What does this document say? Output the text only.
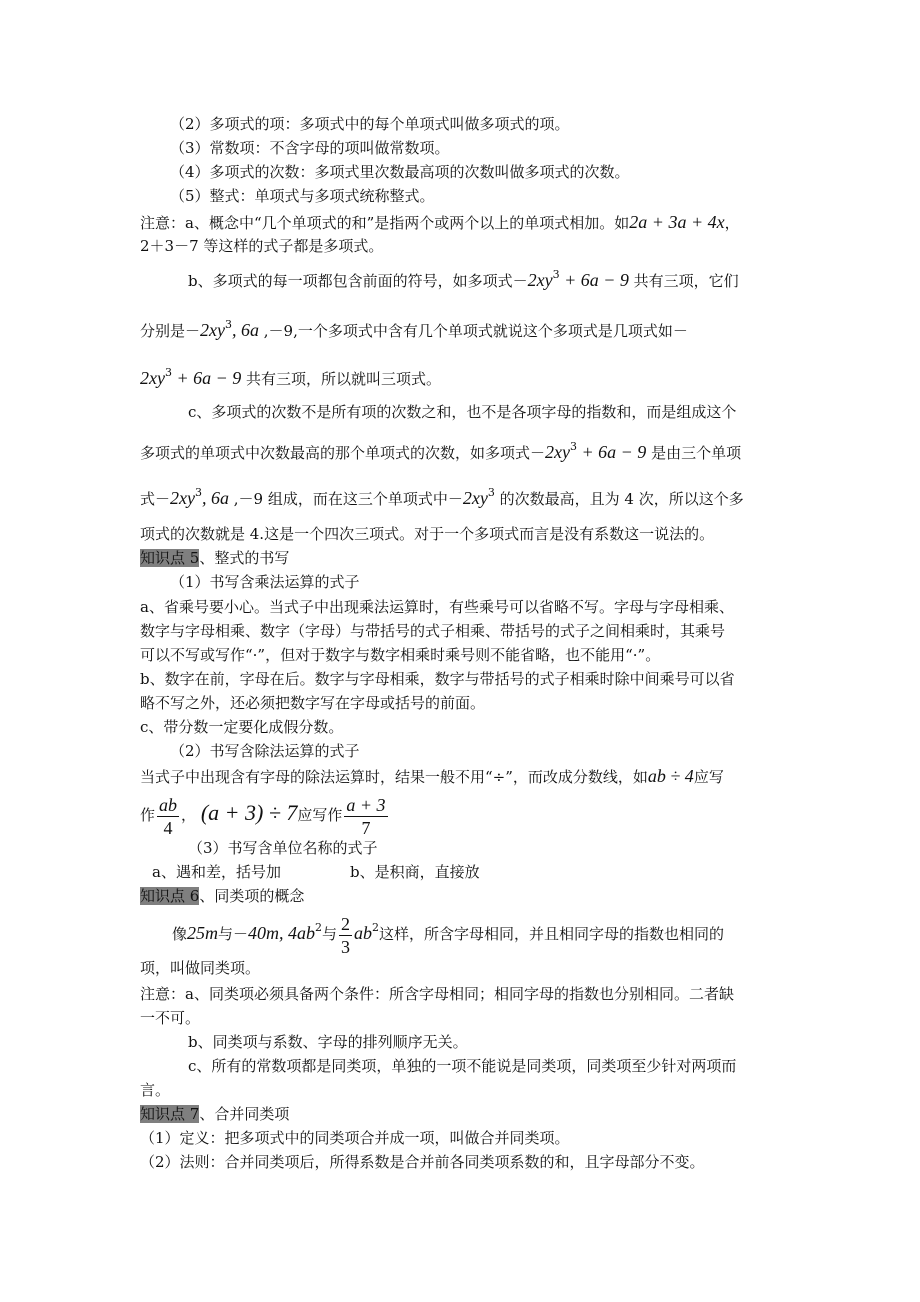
（2）多项式的项：多项式中的每个单项式叫做多项式的项。
（3）常数项：不含字母的项叫做常数项。
（4）多项式的次数：多项式里次数最高项的次数叫做多项式的次数。
（5）整式：单项式与多项式统称整式。
注意：a、概念中“几个单项式的和”是指两个或两个以上的单项式相加。如2a + 3a + 4x，
2＋3－7 等这样的式子都是多项式。
b、多项式的每一项都包含前面的符号，如多项式$-2xy^3 + 6a - 9$ 共有三项，它们
分别是$-2xy^3$, 6a ,－9,一个多项式中含有几个单项式就说这个多项式是几项式如－
$2xy^3 + 6a - 9$ 共有三项，所以就叫三项式。
c、多项式的次数不是所有项的次数之和，也不是各项字母的指数和，而是组成这个
多项式的单项式中次数最高的那个单项式的次数，如多项式$-2xy^3 + 6a - 9$ 是由三个单项
式$-2xy^3$, 6a ,－9 组成，而在这三个单项式中$-2xy^3$ 的次数最高，且为 4 次，所以这个多
项式的次数就是 4.这是一个四次三项式。对于一个多项式而言是没有系数这一说法的。
知识点 5、整式的书写
（1）书写含乘法运算的式子
a、省乘号要小心。当式子中出现乘法运算时，有些乘号可以省略不写。字母与字母相乘、
数字与字母相乘、数字（字母）与带括号的式子相乘、带括号的式子之间相乘时，其乘号
可以不写或写作“·”，但对于数字与数字相乘时乘号则不能省略，也不能用“·”。
b、数字在前，字母在后。数字与字母相乘，数字与带括号的式子相乘时除中间乘号可以省
略不写之外，还必须把数字写在字母或括号的前面。
c、带分数一定要化成假分数。
（2）书写含除法运算的式子
当式子中出现含有字母的除法运算时，结果一般不用“÷”，而改成分数线，如ab ÷ 4应写
作 $\frac{ab}{4}$ ， (a + 3) ÷ 7应写作 $\frac{a + 3}{7}$
（3）书写含单位名称的式子
a、遇和差，括号加	b、是积商，直接放
知识点 6、同类项的概念
像25m与－40m, $4ab^2$与 $\frac{2}{3} ab^2$这样，所含字母相同，并且相同字母的指数也相同的
项，叫做同类项。
注意：a、同类项必须具备两个条件：所含字母相同；相同字母的指数也分别相同。二者缺
一不可。
b、同类项与系数、字母的排列顺序无关。
c、所有的常数项都是同类项，单独的一项不能说是同类项，同类项至少针对两项而
言。
知识点 7、合并同类项
（1）定义：把多项式中的同类项合并成一项，叫做合并同类项。
（2）法则：合并同类项后，所得系数是合并前各同类项系数的和，且字母部分不变。
